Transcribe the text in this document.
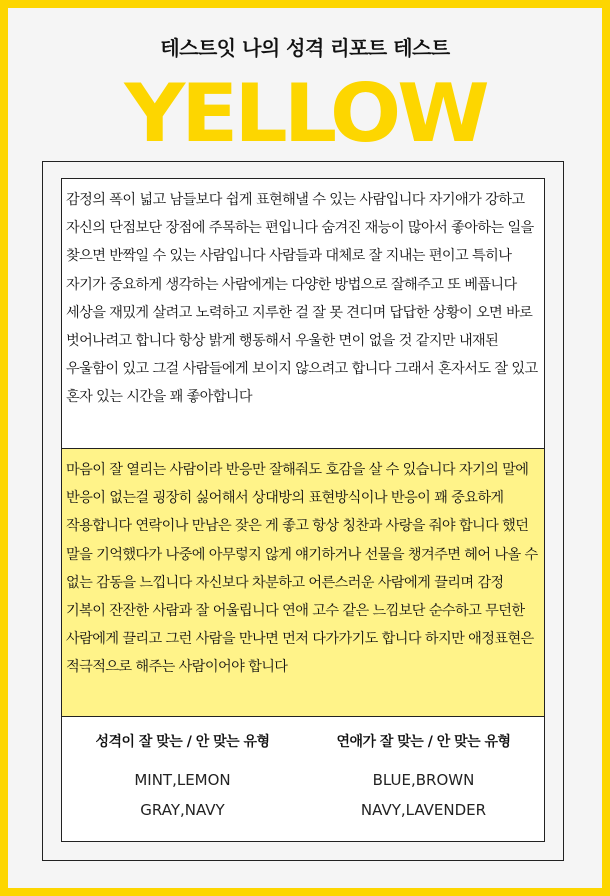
테스트잇 나의 성격 리포트 테스트
YELLOW
감정의 폭이 넓고 남들보다 쉽게 표현해낼 수 있는 사람입니다 자기애가 강하고 자신의 단점보단 장점에 주목하는 편입니다 숨겨진 재능이 많아서 좋아하는 일을 찾으면 반짝일 수 있는 사람입니다 사람들과 대체로 잘 지내는 편이고 특히나 자기가 중요하게 생각하는 사람에게는 다양한 방법으로 잘해주고 또 베풉니다 세상을 재밌게 살려고 노력하고 지루한 걸 잘 못 견디며 답답한 상황이 오면 바로 벗어나려고 합니다 항상 밝게 행동해서 우울한 면이 없을 것 같지만 내재된 우울함이 있고 그걸 사람들에게 보이지 않으려고 합니다 그래서 혼자서도 잘 있고 혼자 있는 시간을 꽤 좋아합니다
마음이 잘 열리는 사람이라 반응만 잘해줘도 호감을 살 수 있습니다 자기의 말에 반응이 없는걸 굉장히 싫어해서 상대방의 표현방식이나 반응이 꽤 중요하게 작용합니다 연락이나 만남은 잦은 게 좋고 항상 칭찬과 사랑을 줘야 합니다 했던 말을 기억했다가 나중에 아무렇지 않게 얘기하거나 선물을 챙겨주면 헤어 나올 수 없는 감동을 느낍니다 자신보다 차분하고 어른스러운 사람에게 끌리며 감정 기복이 잔잔한 사람과 잘 어울립니다 연애 고수 같은 느낌보단 순수하고 무던한 사람에게 끌리고 그런 사람을 만나면 먼저 다가가기도 합니다 하지만 애정표현은 적극적으로 해주는 사람이어야 합니다
성격이 잘 맞는 / 안 맞는 유형
MINT,LEMON
GRAY,NAVY
연애가 잘 맞는 / 안 맞는 유형
BLUE,BROWN
NAVY,LAVENDER
